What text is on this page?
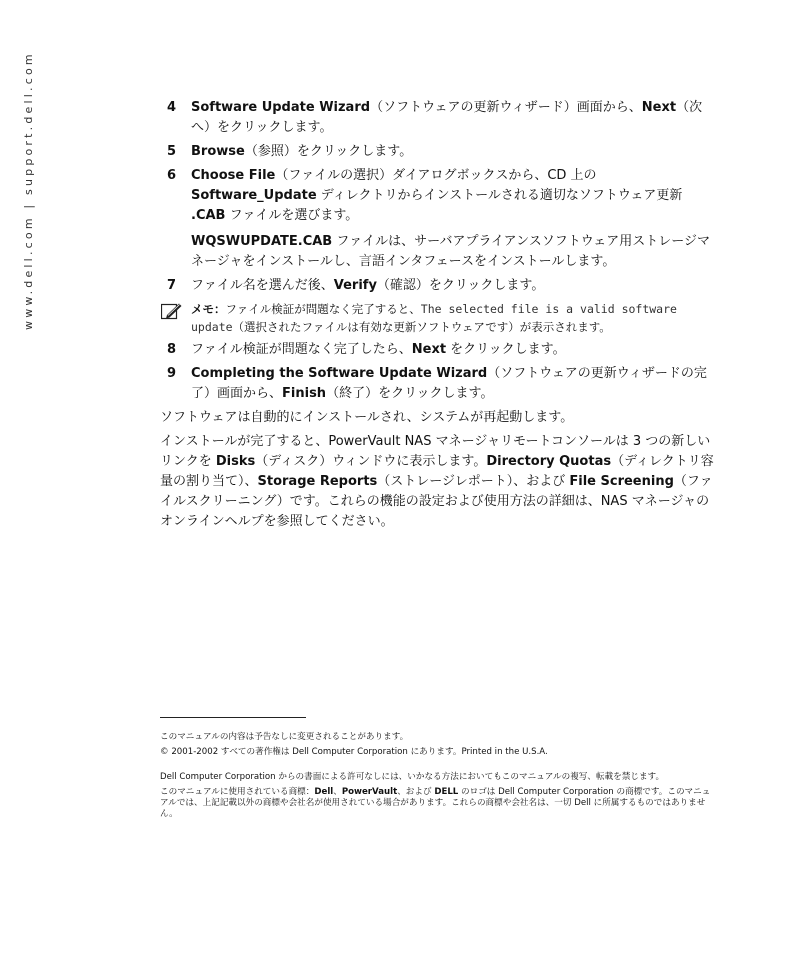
www.dell.com | support.dell.com	4 Software Update Wizard（ソフトウェアの更新ウィザード）画面から、Next（次へ）をクリックします。
5 Browse（参照）をクリックします。
6 Choose File（ファイルの選択）ダイアログボックスから、CD 上の Software_Update ディレクトリからインストールされる適切なソフトウェア更新 .CAB ファイルを選びます。
WQSWUPDATE.CAB ファイルは、サーバアプライアンスソフトウェア用ストレージマネージャをインストールし、言語インタフェースをインストールします。
7 ファイル名を選んだ後、Verify（確認）をクリックします。
メモ：ファイル検証が問題なく完了すると、The selected file is a valid software update（選択されたファイルは有効な更新ソフトウェアです）が表示されます。
8 ファイル検証が問題なく完了したら、Next をクリックします。
9 Completing the Software Update Wizard（ソフトウェアの更新ウィザードの完了）画面から、Finish（終了）をクリックします。
ソフトウェアは自動的にインストールされ、システムが再起動します。
インストールが完了すると、PowerVault NAS マネージャリモートコンソールは 3 つの新しいリンクを Disks（ディスク）ウィンドウに表示します。Directory Quotas（ディレクトリ容量の割り当て）、Storage Reports（ストレージレポート）、および File Screening（ファイルスクリーニング）です。これらの機能の設定および使用方法の詳細は、NAS マネージャのオンラインヘルプを参照してください。

このマニュアルの内容は予告なしに変更されることがあります。

© 2001-2002 すべての著作権は Dell Computer Corporation にあります。Printed in the U.S.A.

Dell Computer Corporation からの書面による許可なしには、いかなる方法においてもこのマニュアルの複写、転載を禁じます。

このマニュアルに使用されている商標：Dell、PowerVault、および DELL のロゴは Dell Computer Corporation の商標です。このマニュアルでは、上記記載以外の商標や会社名が使用されている場合があります。これらの商標や会社名は、一切 Dell に所属するものではありません。
